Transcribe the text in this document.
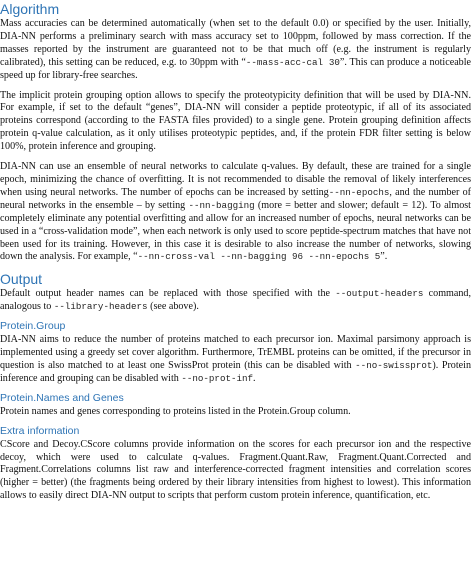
Algorithm

Mass accuracies can be determined automatically (when set to the default 0.0) or specified by the user. Initially, DIA-NN performs a preliminary search with mass accuracy set to 100ppm, followed by mass correction. If the masses reported by the instrument are guaranteed not to be that much off (e.g. the instrument is regularly calibrated), this setting can be reduced, e.g. to 30ppm with “--mass-acc-cal 30”. This can produce a noticeable speed up for library-free searches.

The implicit protein grouping option allows to specify the proteotypicity definition that will be used by DIA-NN. For example, if set to the default “genes”, DIA-NN will consider a peptide proteotypic, if all of its associated proteins correspond (according to the FASTA files provided) to a single gene. Protein grouping definition affects protein q-value calculation, as it only utilises proteotypic peptides, and, if the protein FDR filter setting is below 100%, protein inference and grouping.

DIA-NN can use an ensemble of neural networks to calculate q-values. By default, these are trained for a single epoch, minimizing the chance of overfitting. It is not recommended to disable the removal of likely interferences when using neural networks. The number of epochs can be increased by setting--nn-epochs, and the number of neural networks in the ensemble – by setting --nn-bagging (more = better and slower; default = 12). To almost completely eliminate any potential overfitting and allow for an increased number of epochs, neural networks can be used in a “cross-validation mode”, when each network is only used to score peptide-spectrum matches that have not been used for its training. However, in this case it is desirable to also increase the number of networks, slowing down the analysis. For example, “--nn-cross-val --nn-bagging 96 --nn-epochs 5”.

Output

Default output header names can be replaced with those specified with the --output-headers command, analogous to --library-headers (see above).

Protein.Group

DIA-NN aims to reduce the number of proteins matched to each precursor ion. Maximal parsimony approach is implemented using a greedy set cover algorithm. Furthermore, TrEMBL proteins can be omitted, if the precursor in question is also matched to at least one SwissProt protein (this can be disabled with --no-swissprot). Protein inference and grouping can be disabled with --no-prot-inf.

Protein.Names and Genes

Protein names and genes corresponding to proteins listed in the Protein.Group column.

Extra information

CScore and Decoy.CScore columns provide information on the scores for each precursor ion and the respective decoy, which were used to calculate q-values. Fragment.Quant.Raw, Fragment.Quant.Corrected and Fragment.Correlations columns list raw and interference-corrected fragment intensities and correlation scores (higher = better) (the fragments being ordered by their library intensities from highest to lowest). This information allows to easily direct DIA-NN output to scripts that perform custom protein inference, quantification, etc.
